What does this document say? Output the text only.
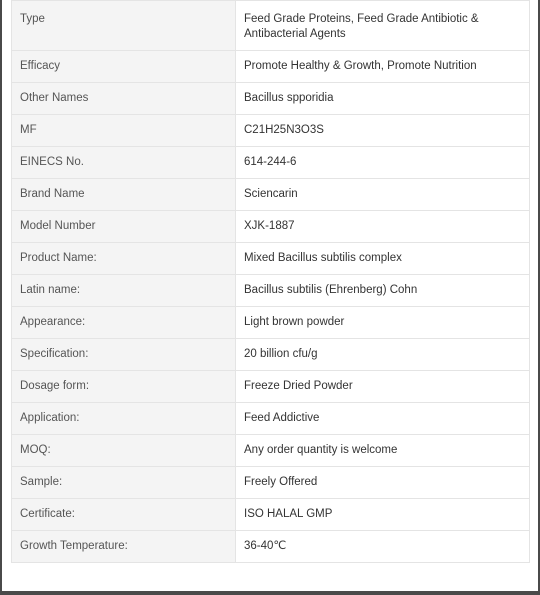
Type	Feed Grade Proteins, Feed Grade Antibiotic & Antibacterial Agents
Efficacy	Promote Healthy & Growth, Promote Nutrition
Other Names	Bacillus spporidia
MF	C21H25N3O3S
EINECS No.	614-244-6
Brand Name	Sciencarin
Model Number	XJK-1887
Product Name:	Mixed Bacillus subtilis complex
Latin name:	Bacillus subtilis (Ehrenberg) Cohn
Appearance:	Light brown powder
Specification:	20 billion cfu/g
Dosage form:	Freeze Dried Powder
Application:	Feed Addictive
MOQ:	Any order quantity is welcome
Sample:	Freely Offered
Certificate:	ISO HALAL GMP
Growth Temperature:	36-40℃
